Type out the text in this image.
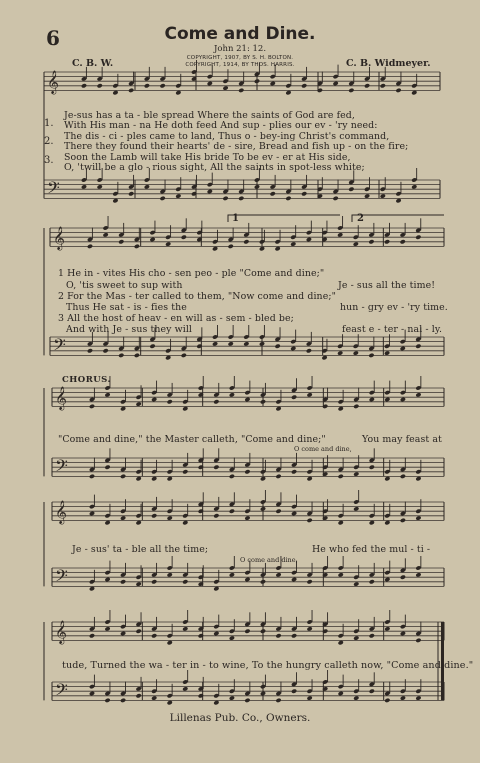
6	Come and Dine.
John 21: 12.
COPYRIGHT, 1907, BY S. H. BOLTON.
COPYRIGHT, 1914, BY THOS. HARRIS.
C. B. W.	C. B. Widmeyer.
𝄞
𝄢
𝄞
𝄢
𝄞
𝄢
𝄞
𝄢
𝄞
𝄢
1.
2.
3.
Je-sus has a ta - ble spread Where the saints of God are fed,
With His man - na He doth feed And sup - plies our ev - 'ry need:
The dis - ci - ples came to land, Thus o - bey-ing Christ's command,
There they found their hearts' de - sire, Bread and fish up - on the fire;
Soon the Lamb will take His bride To be ev - er at His side,
O, 'twill be a glo - rious sight, All the saints in spot-less white;
1	2
1 He in - vites His cho - sen peo - ple "Come and dine;"
O, 'tis sweet to sup with
2 For the Mas - ter called to them, "Now come and dine;"
Thus He sat - is - fies the
3 All the host of heav - en will as - sem - bled be;
And with Je - sus they will
Je - sus all the time!
hun - gry ev - 'ry time.
feast e - ter - nal - ly.
CHORUS.
"Come and dine," the Master calleth, "Come and dine;"	You may feast at
O come and dine,
Je - sus' ta - ble all the time;	He who fed the mul - ti -
O come and dine,
tude, Turned the wa - ter in - to wine, To the hungry calleth now, "Come and dine."
Lillenas Pub. Co., Owners.
